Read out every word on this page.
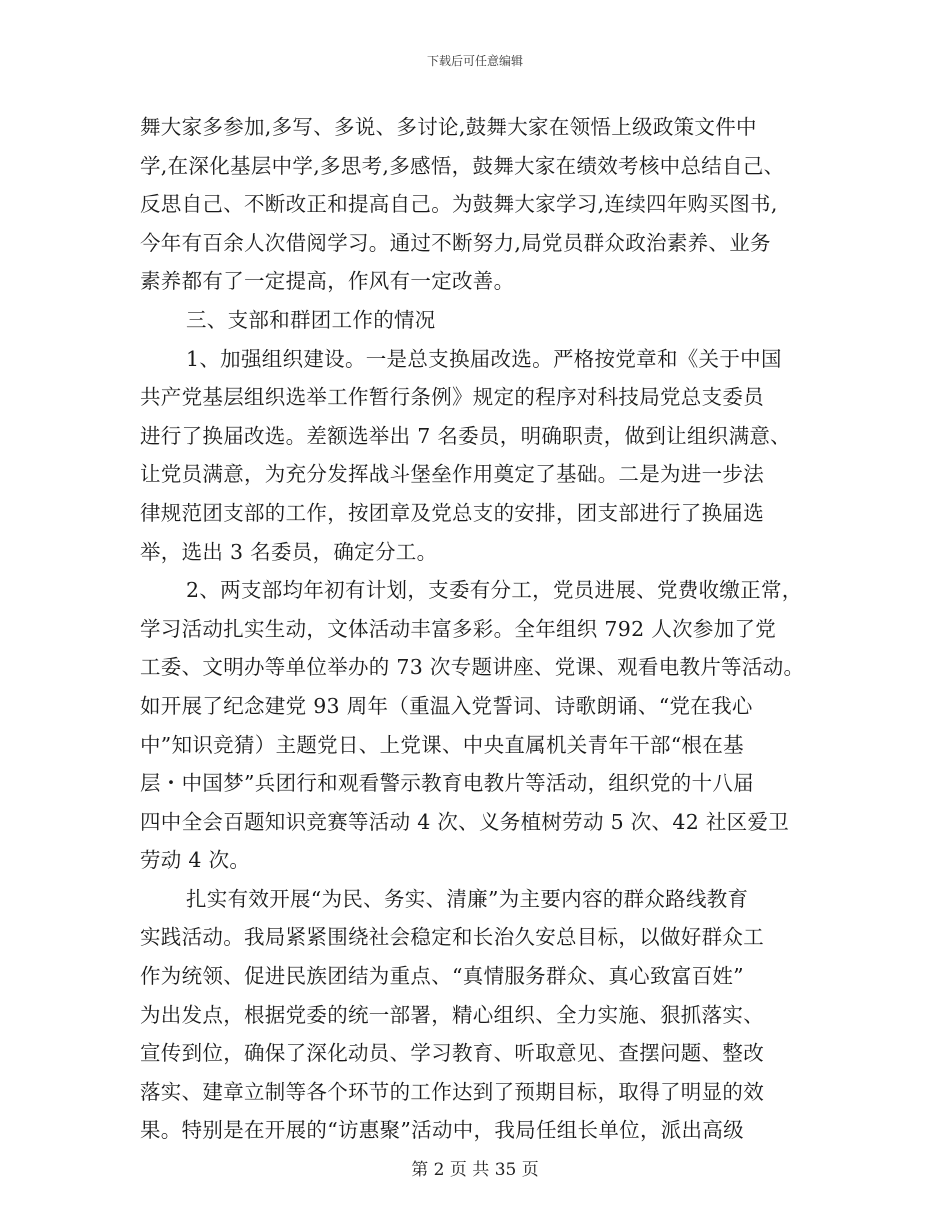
下载后可任意编辑
舞大家多参加,多写、多说、多讨论,鼓舞大家在领悟上级政策文件中
学,在深化基层中学,多思考,多感悟，鼓舞大家在绩效考核中总结自己、
反思自己、不断改正和提高自己。为鼓舞大家学习,连续四年购买图书,
今年有百余人次借阅学习。通过不断努力,局党员群众政治素养、业务
素养都有了一定提高，作风有一定改善。
三、支部和群团工作的情况
1、加强组织建设。一是总支换届改选。严格按党章和《关于中国
共产党基层组织选举工作暂行条例》规定的程序对科技局党总支委员
进行了换届改选。差额选举出 7 名委员，明确职责，做到让组织满意、
让党员满意，为充分发挥战斗堡垒作用奠定了基础。二是为进一步法
律规范团支部的工作，按团章及党总支的安排，团支部进行了换届选
举，选出 3 名委员，确定分工。
2、两支部均年初有计划，支委有分工，党员进展、党费收缴正常，
学习活动扎实生动，文体活动丰富多彩。全年组织 792 人次参加了党
工委、文明办等单位举办的 73 次专题讲座、党课、观看电教片等活动。
如开展了纪念建党 93 周年（重温入党誓词、诗歌朗诵、“党在我心
中”知识竞猜）主题党日、上党课、中央直属机关青年干部“根在基
层・中国梦”兵团行和观看警示教育电教片等活动，组织党的十八届
四中全会百题知识竞赛等活动 4 次、义务植树劳动 5 次、42 社区爱卫
劳动 4 次。
扎实有效开展“为民、务实、清廉”为主要内容的群众路线教育
实践活动。我局紧紧围绕社会稳定和长治久安总目标，以做好群众工
作为统领、促进民族团结为重点、“真情服务群众、真心致富百姓”
为出发点，根据党委的统一部署，精心组织、全力实施、狠抓落实、
宣传到位，确保了深化动员、学习教育、听取意见、查摆问题、整改
落实、建章立制等各个环节的工作达到了预期目标，取得了明显的效
果。特别是在开展的“访惠聚”活动中，我局任组长单位，派出高级
第 2 页 共 35 页
